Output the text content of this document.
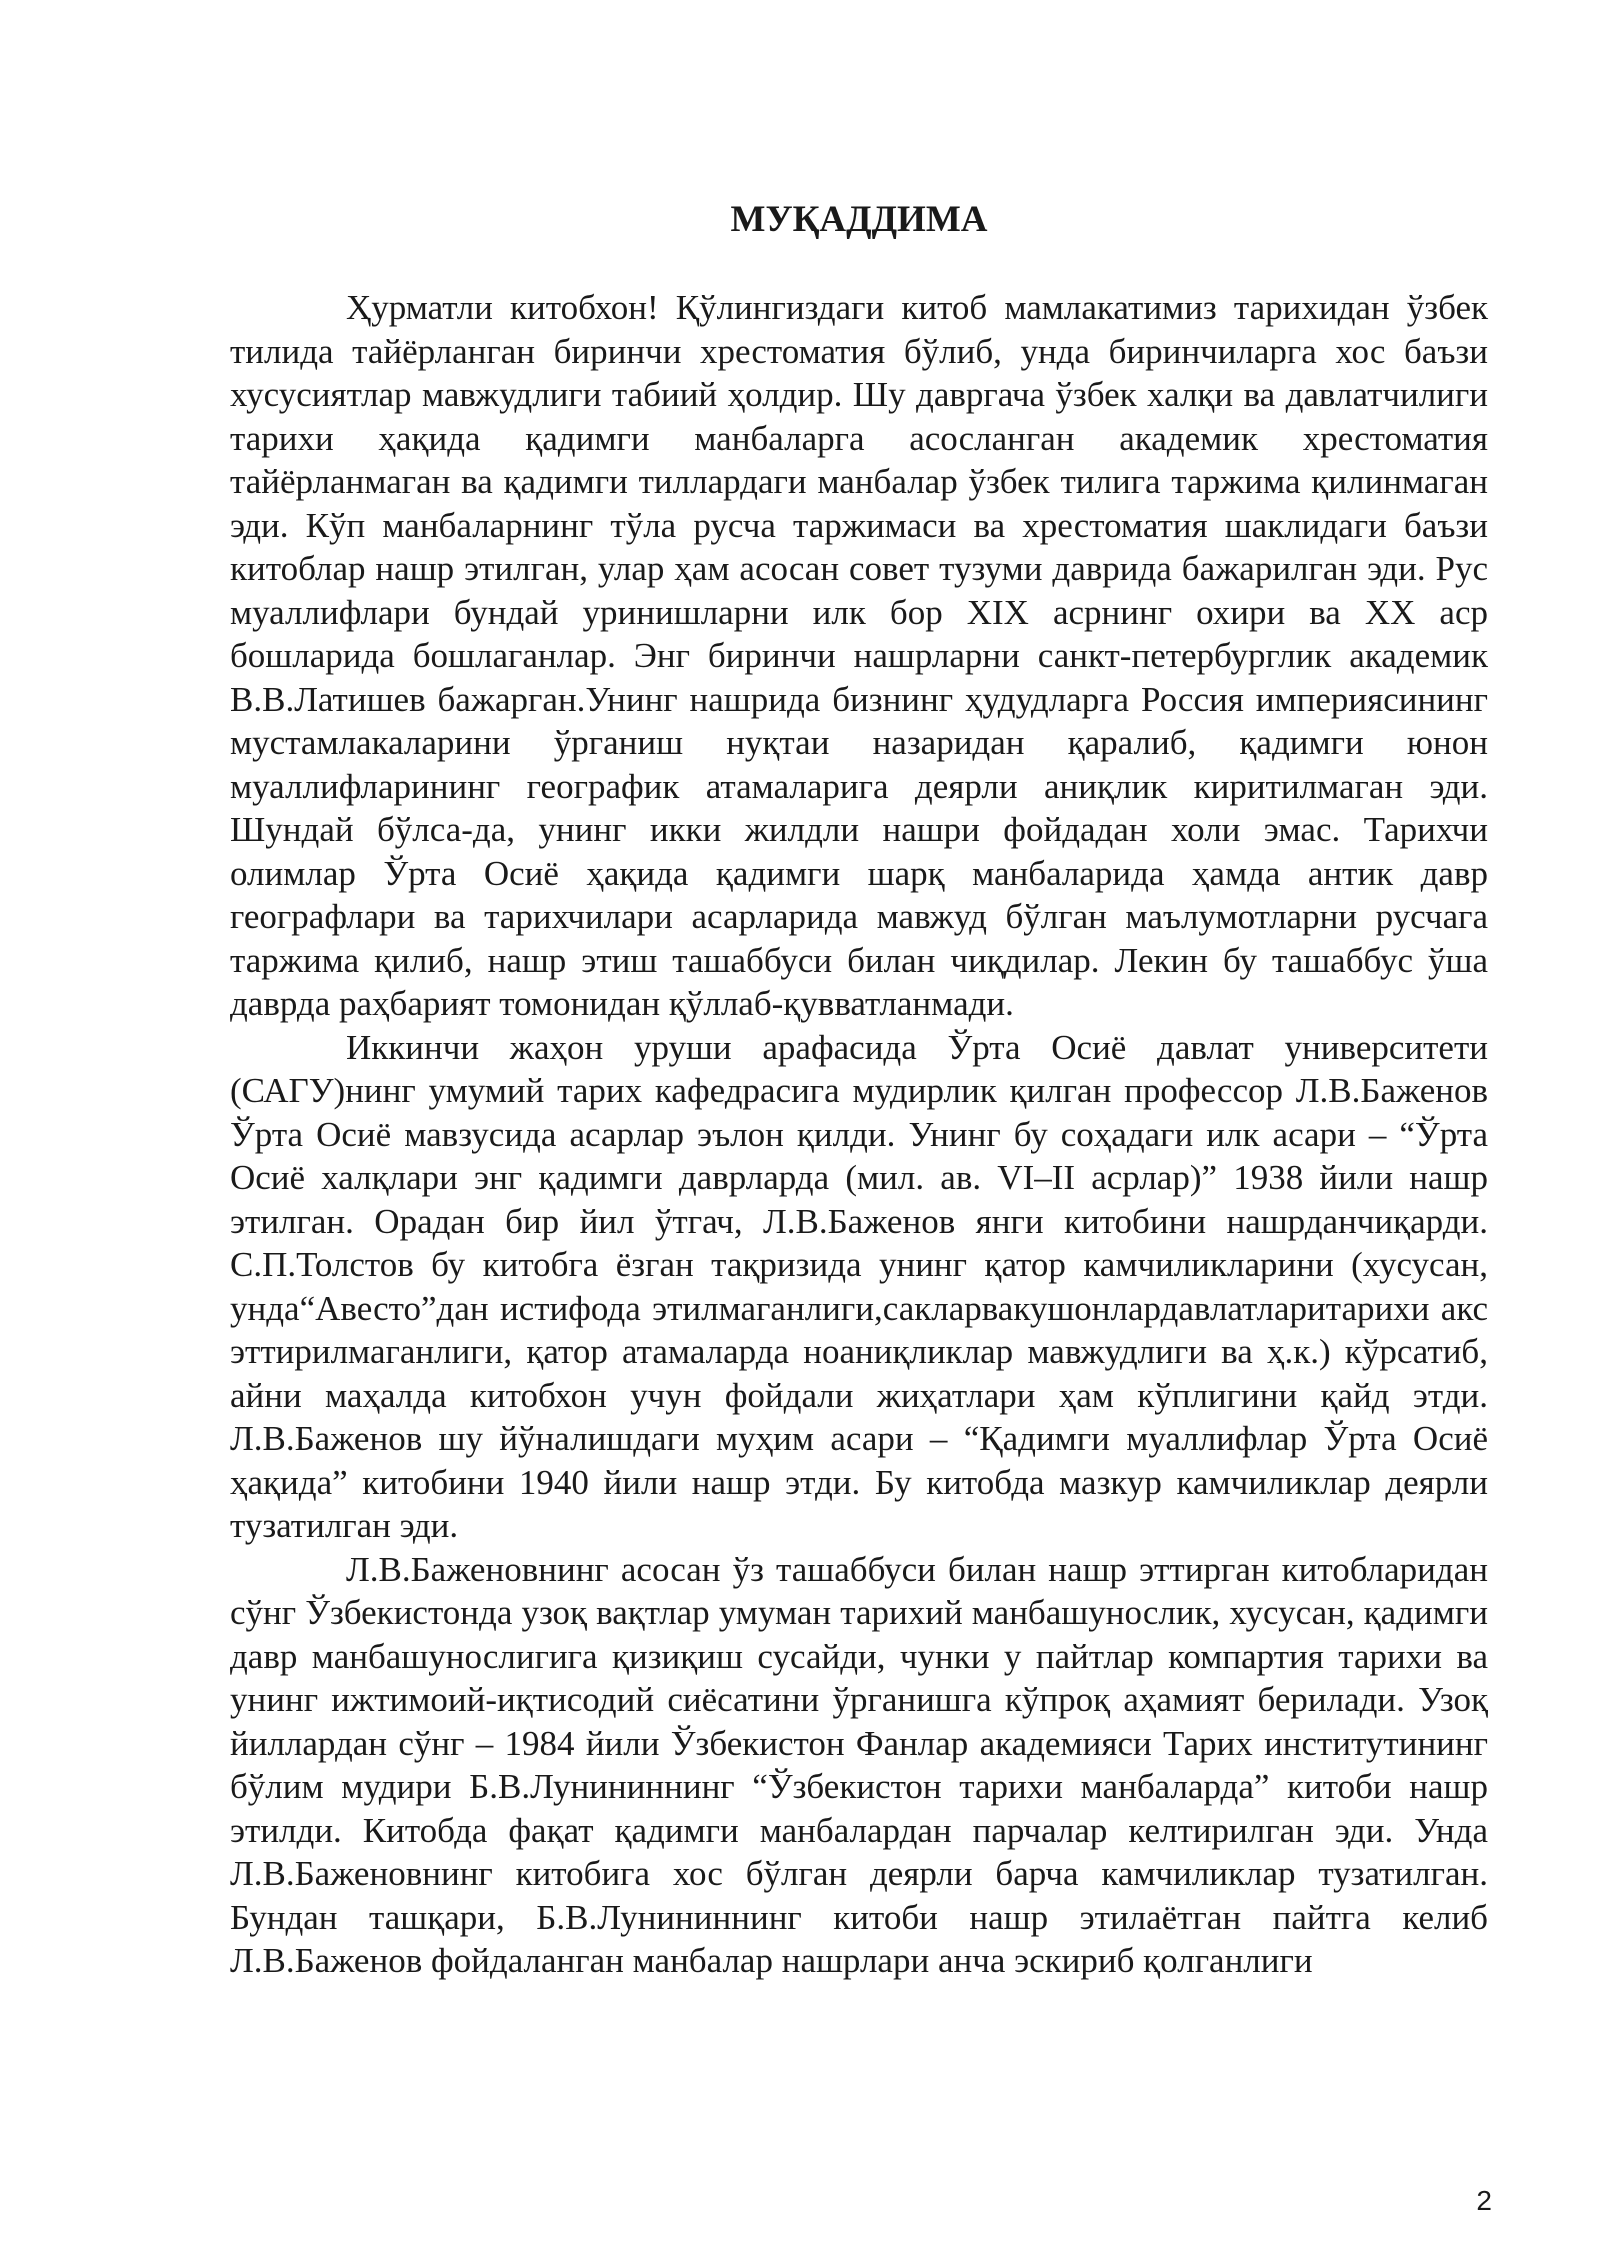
МУҚАДДИМА

Ҳурматли китобхон! Қўлингиздаги китоб мамлакатимиз тарихидан ўзбек тилида тайёрланган биринчи хрестоматия бўлиб, унда биринчиларга хос баъзи хусусиятлар мавжудлиги табиий ҳолдир. Шу давргача ўзбек халқи ва давлатчилиги тарихи ҳақида қадимги манбаларга асосланган академик хрестоматия тайёрланмаган ва қадимги тиллардаги манбалар ўзбек тилига таржима қилинмаган эди. Кўп манбаларнинг тўла русча таржимаси ва хрестоматия шаклидаги баъзи китоблар нашр этилган, улар ҳам асосан совет тузуми даврида бажарилган эди. Рус муаллифлари бундай уринишларни илк бор XIX асрнинг охири ва XX аср бошларида бошлаганлар. Энг биринчи нашрларни санкт-петербурглик академик В.В.Латишев бажарган.Унинг нашрида бизнинг ҳудудларга Россия империясининг мустамлакаларини ўрганиш нуқтаи назаридан қаралиб, қадимги юнон муаллифларининг географик атамаларига деярли аниқлик киритилмаган эди. Шундай бўлса-да, унинг икки жилдли нашри фойдадан холи эмас. Тарихчи олимлар Ўрта Осиё ҳақида қадимги шарқ манбаларида ҳамда антик давр географлари ва тарихчилари асарларида мавжуд бўлган маълумотларни русчага таржима қилиб, нашр этиш ташаббуси билан чиқдилар. Лекин бу ташаббус ўша даврда раҳбарият томонидан қўллаб-қувватланмади.

Иккинчи жаҳон уруши арафасида Ўрта Осиё давлат университети (САГУ)нинг умумий тарих кафедрасига мудирлик қилган профессор Л.В.Баженов Ўрта Осиё мавзусида асарлар эълон қилди. Унинг бу соҳадаги илк асари – “Ўрта Осиё халқлари энг қадимги даврларда (мил. ав. VI–II асрлар)” 1938 йили нашр этилган. Орадан бир йил ўтгач, Л.В.Баженов янги китобини нашрданчиқарди. С.П.Толстов бу китобга ёзган тақризида унинг қатор камчиликларини (хусусан, унда“Авесто”дан истифода этилмаганлиги,сакларвакушонлардавлатларитарихи акс эттирилмаганлиги, қатор атамаларда ноаниқликлар мавжудлиги ва ҳ.к.) кўрсатиб, айни маҳалда китобхон учун фойдали жиҳатлари ҳам кўплигини қайд этди. Л.В.Баженов шу йўналишдаги муҳим асари – “Қадимги муаллифлар Ўрта Осиё ҳақида” китобини 1940 йили нашр этди. Бу китобда мазкур камчиликлар деярли тузатилган эди.

Л.В.Баженовнинг асосан ўз ташаббуси билан нашр эттирган китобларидан сўнг Ўзбекистонда узоқ вақтлар умуман тарихий манбашунослик, хусусан, қадимги давр манбашунослигига қизиқиш сусайди, чунки у пайтлар компартия тарихи ва унинг ижтимоий-иқтисодий сиёсатини ўрганишга кўпроқ аҳамият берилади. Узоқ йиллардан сўнг – 1984 йили Ўзбекистон Фанлар академияси Тарих институтининг бўлим мудири Б.В.Лунининнинг “Ўзбекистон тарихи манбаларда” китоби нашр этилди. Китобда фақат қадимги манбалардан парчалар келтирилган эди. Унда Л.В.Баженовнинг китобига хос бўлган деярли барча камчиликлар тузатилган. Бундан ташқари, Б.В.Лунининнинг китоби нашр этилаётган пайтга келиб Л.В.Баженов фойдаланган манбалар нашрлари анча эскириб қолганлиги

2
